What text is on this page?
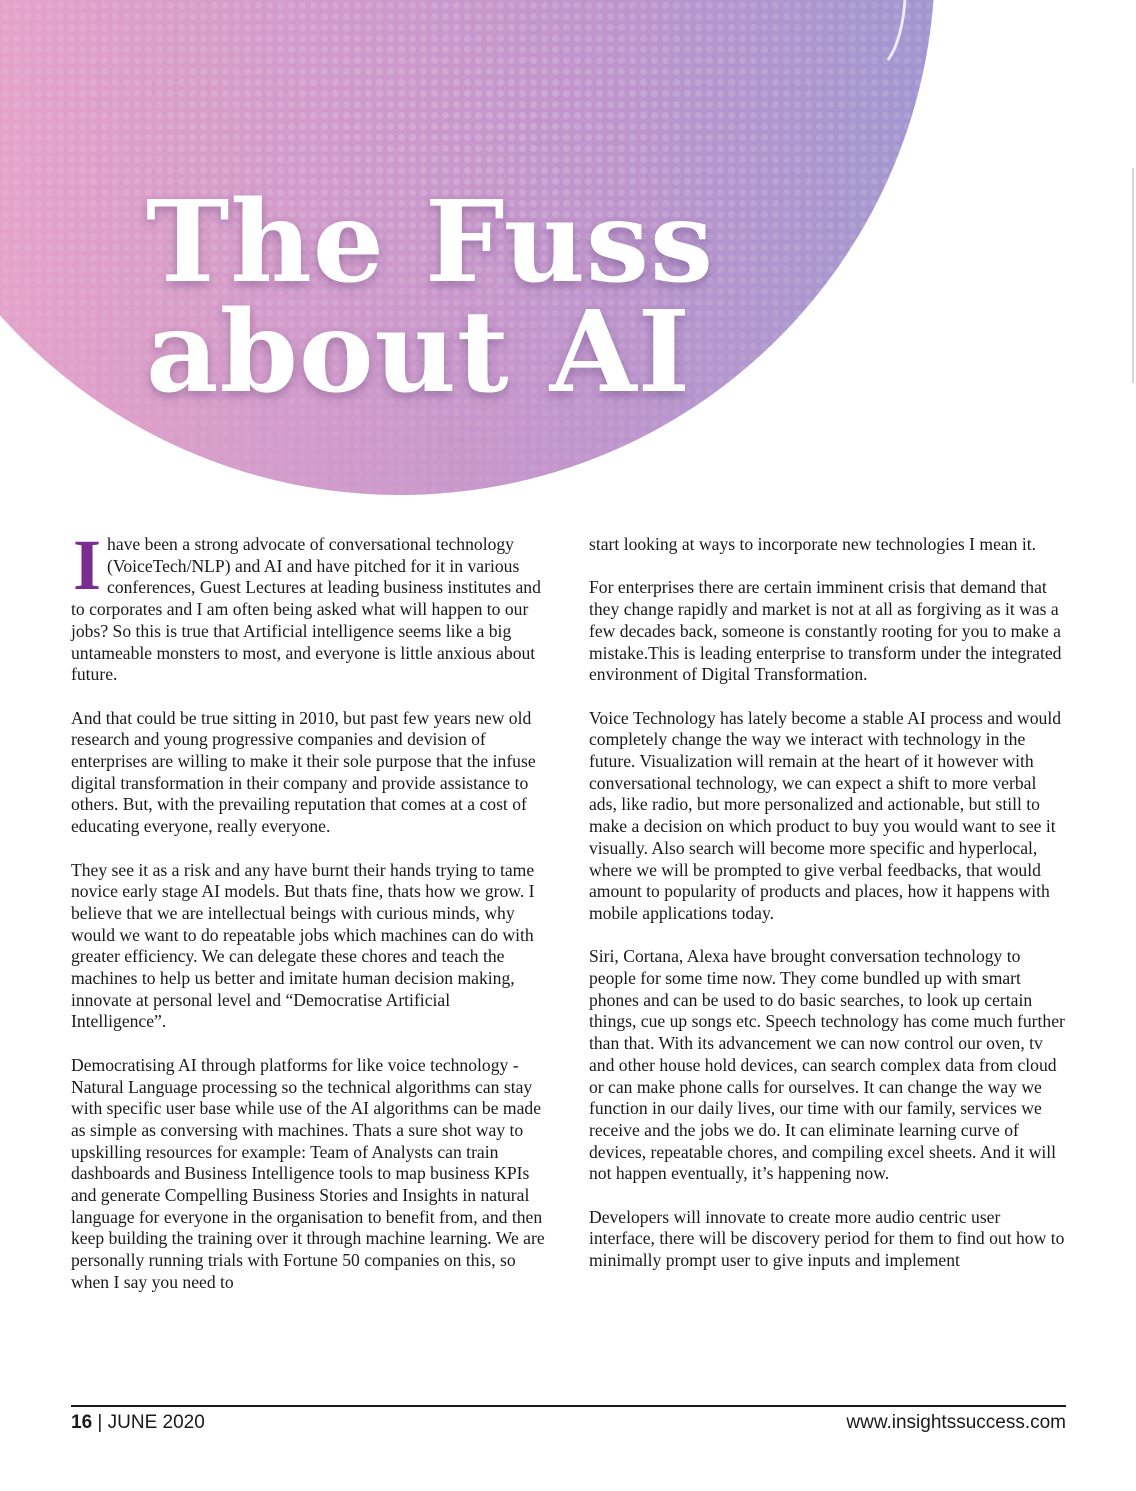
The Fuss
about AI

Ihave been a strong advocate of conversational technology (VoiceTech/NLP) and AI and have pitched for it in various conferences, Guest Lectures at leading business institutes and to corporates and I am often being asked what will happen to our jobs? So this is true that Artificial intelligence seems like a big untameable monsters to most, and everyone is little anxious about future.

And that could be true sitting in 2010, but past few years new old research and young progressive companies and devision of enterprises are willing to make it their sole purpose that the infuse digital transformation in their company and provide assistance to others. But, with the prevailing reputation that comes at a cost of educating everyone, really everyone.

They see it as a risk and any have burnt their hands trying to tame novice early stage AI models. But thats fine, thats how we grow. I believe that we are intellectual beings with curious minds, why would we want to do repeatable jobs which machines can do with greater efficiency. We can delegate these chores and teach the machines to help us better and imitate human decision making, innovate at personal level and “Democratise Artificial Intelligence”.

Democratising AI through platforms for like voice technology - Natural Language processing so the technical algorithms can stay with specific user base while use of the AI algorithms can be made as simple as conversing with machines. Thats a sure shot way to upskilling resources for example: Team of Analysts can train dashboards and Business Intelligence tools to map business KPIs and generate Compelling Business Stories and Insights in natural language for everyone in the organisation to benefit from, and then keep building the training over it through machine learning. We are personally running trials with Fortune 50 companies on this, so when I say you need to

start looking at ways to incorporate new technologies I mean it.

For enterprises there are certain imminent crisis that demand that they change rapidly and market is not at all as forgiving as it was a few decades back, someone is constantly rooting for you to make a mistake.This is leading enterprise to transform under the integrated environment of Digital Transformation.

Voice Technology has lately become a stable AI process and would completely change the way we interact with technology in the future. Visualization will remain at the heart of it however with conversational technology, we can expect a shift to more verbal ads, like radio, but more personalized and actionable, but still to make a decision on which product to buy you would want to see it visually. Also search will become more specific and hyperlocal, where we will be prompted to give verbal feedbacks, that would amount to popularity of products and places, how it happens with mobile applications today.

Siri, Cortana, Alexa have brought conversation technology to people for some time now. They come bundled up with smart phones and can be used to do basic searches, to look up certain things, cue up songs etc. Speech technology has come much further than that. With its advancement we can now control our oven, tv and other house hold devices, can search complex data from cloud or can make phone calls for ourselves. It can change the way we function in our daily lives, our time with our family, services we receive and the jobs we do. It can eliminate learning curve of devices, repeatable chores, and compiling excel sheets. And it will not happen eventually, it’s happening now.

Developers will innovate to create more audio centric user interface, there will be discovery period for them to find out how to minimally prompt user to give inputs and implement

16 | JUNE 2020	www.insightssuccess.com
